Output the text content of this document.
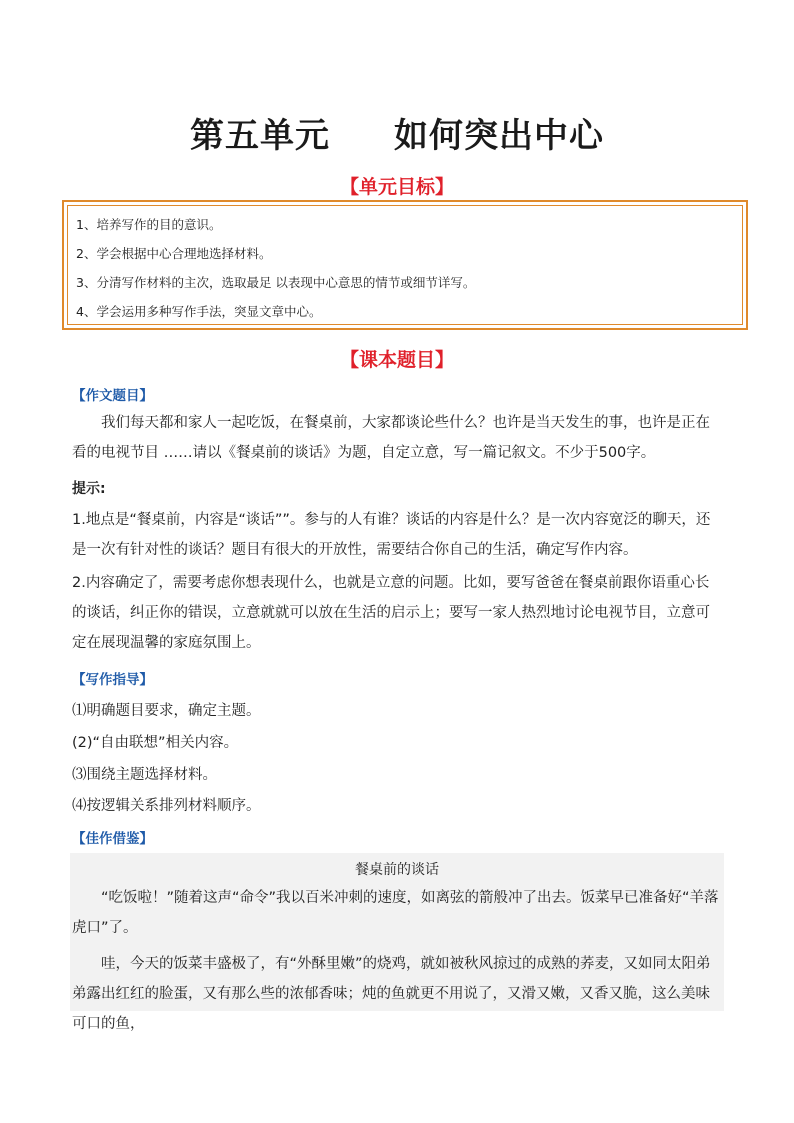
第五单元 如何突出中心
【单元目标】
1、培养写作的目的意识。
2、学会根据中心合理地选择材料。
3、分清写作材料的主次，选取最足 以表现中心意思的情节或细节详写。
4、学会运用多种写作手法，突显文章中心。
【课本题目】
【作文题目】
我们每天都和家人一起吃饭，在餐桌前，大家都谈论些什么？也许是当天发生的事，也许是正在看的电视节目 ……请以《餐桌前的谈话》为题，自定立意，写一篇记叙文。不少于500字。
提示:
1.地点是“餐桌前，内容是“谈话””。参与的人有谁？谈话的内容是什么？是一次内容宽泛的聊天，还是一次有针对性的谈话？题目有很大的开放性，需要结合你自己的生活，确定写作内容。
2.内容确定了，需要考虑你想表现什么，也就是立意的问题。比如，要写爸爸在餐桌前跟你语重心长的谈话，纠正你的错误，立意就就可以放在生活的启示上；要写一家人热烈地讨论电视节目，立意可定在展现温馨的家庭氛围上。
【写作指导】
⑴明确题目要求，确定主题。
(2)“自由联想”相关内容。
⑶围绕主题选择材料。
⑷按逻辑关系排列材料顺序。
【佳作借鉴】
餐桌前的谈话
“吃饭啦！”随着这声“命令”我以百米冲刺的速度，如离弦的箭般冲了出去。饭菜早已准备好“羊落虎口”了。
哇，今天的饭菜丰盛极了，有“外酥里嫩”的烧鸡，就如被秋风掠过的成熟的荞麦，又如同太阳弟弟露出红红的脸蛋，又有那么些的浓郁香味；炖的鱼就更不用说了，又滑又嫩，又香又脆，这么美味可口的鱼，
